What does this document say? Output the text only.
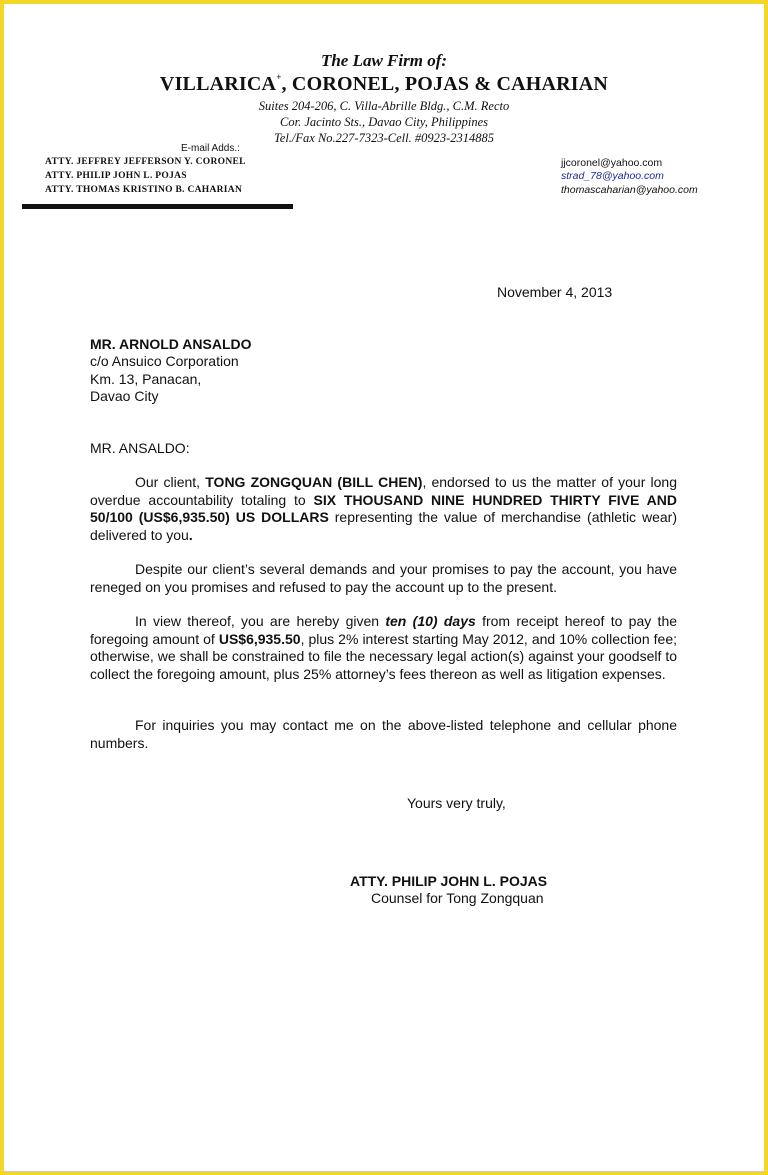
The Law Firm of:
VILLARICA+, CORONEL, POJAS & CAHARIAN
Suites 204-206, C. Villa-Abrille Bldg., C.M. Recto
Cor. Jacinto Sts., Davao City, Philippines
Tel./Fax No.227-7323-Cell. #0923-2314885
E-mail Adds.:
ATTY. JEFFREY JEFFERSON Y. CORONEL
ATTY. PHILIP JOHN L. POJAS
ATTY. THOMAS KRISTINO B. CAHARIAN
jjcoronel@yahoo.com
strad_78@yahoo.com
thomascaharian@yahoo.com
November 4, 2013
MR. ARNOLD ANSALDO
c/o Ansuico Corporation
Km. 13, Panacan,
Davao City
MR. ANSALDO:

Our client, TONG ZONGQUAN (BILL CHEN), endorsed to us the matter of your long overdue accountability totaling to SIX THOUSAND NINE HUNDRED THIRTY FIVE AND 50/100 (US$6,935.50) US DOLLARS representing the value of merchandise (athletic wear) delivered to you.

Despite our client’s several demands and your promises to pay the account, you have reneged on you promises and refused to pay the account up to the present.

In view thereof, you are hereby given ten (10) days from receipt hereof to pay the foregoing amount of US$6,935.50, plus 2% interest starting May 2012, and 10% collection fee; otherwise, we shall be constrained to file the necessary legal action(s) against your goodself to collect the foregoing amount, plus 25% attorney’s fees thereon as well as litigation expenses.

For inquiries you may contact me on the above-listed telephone and cellular phone numbers.

Yours very truly,
ATTY. PHILIP JOHN L. POJAS
Counsel for Tong Zongquan
